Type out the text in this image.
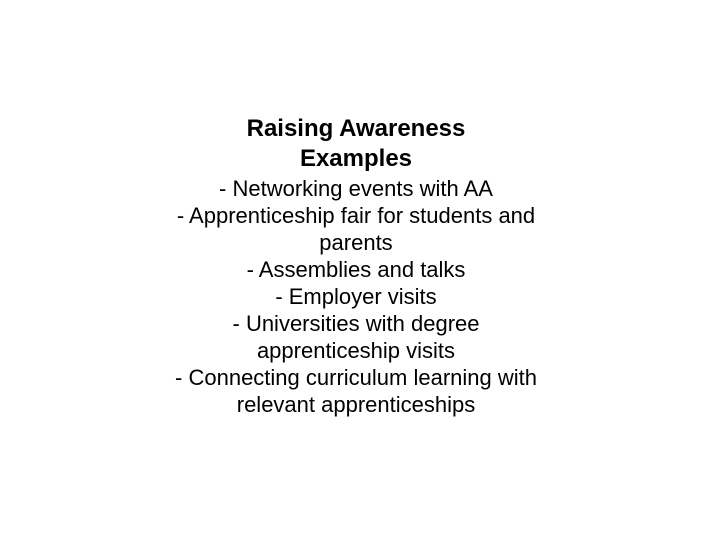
Raising Awareness
Examples
- Networking events with AA
- Apprenticeship fair for students and parents
- Assemblies and talks
- Employer visits
- Universities with degree apprenticeship visits
- Connecting curriculum learning with relevant apprenticeships
